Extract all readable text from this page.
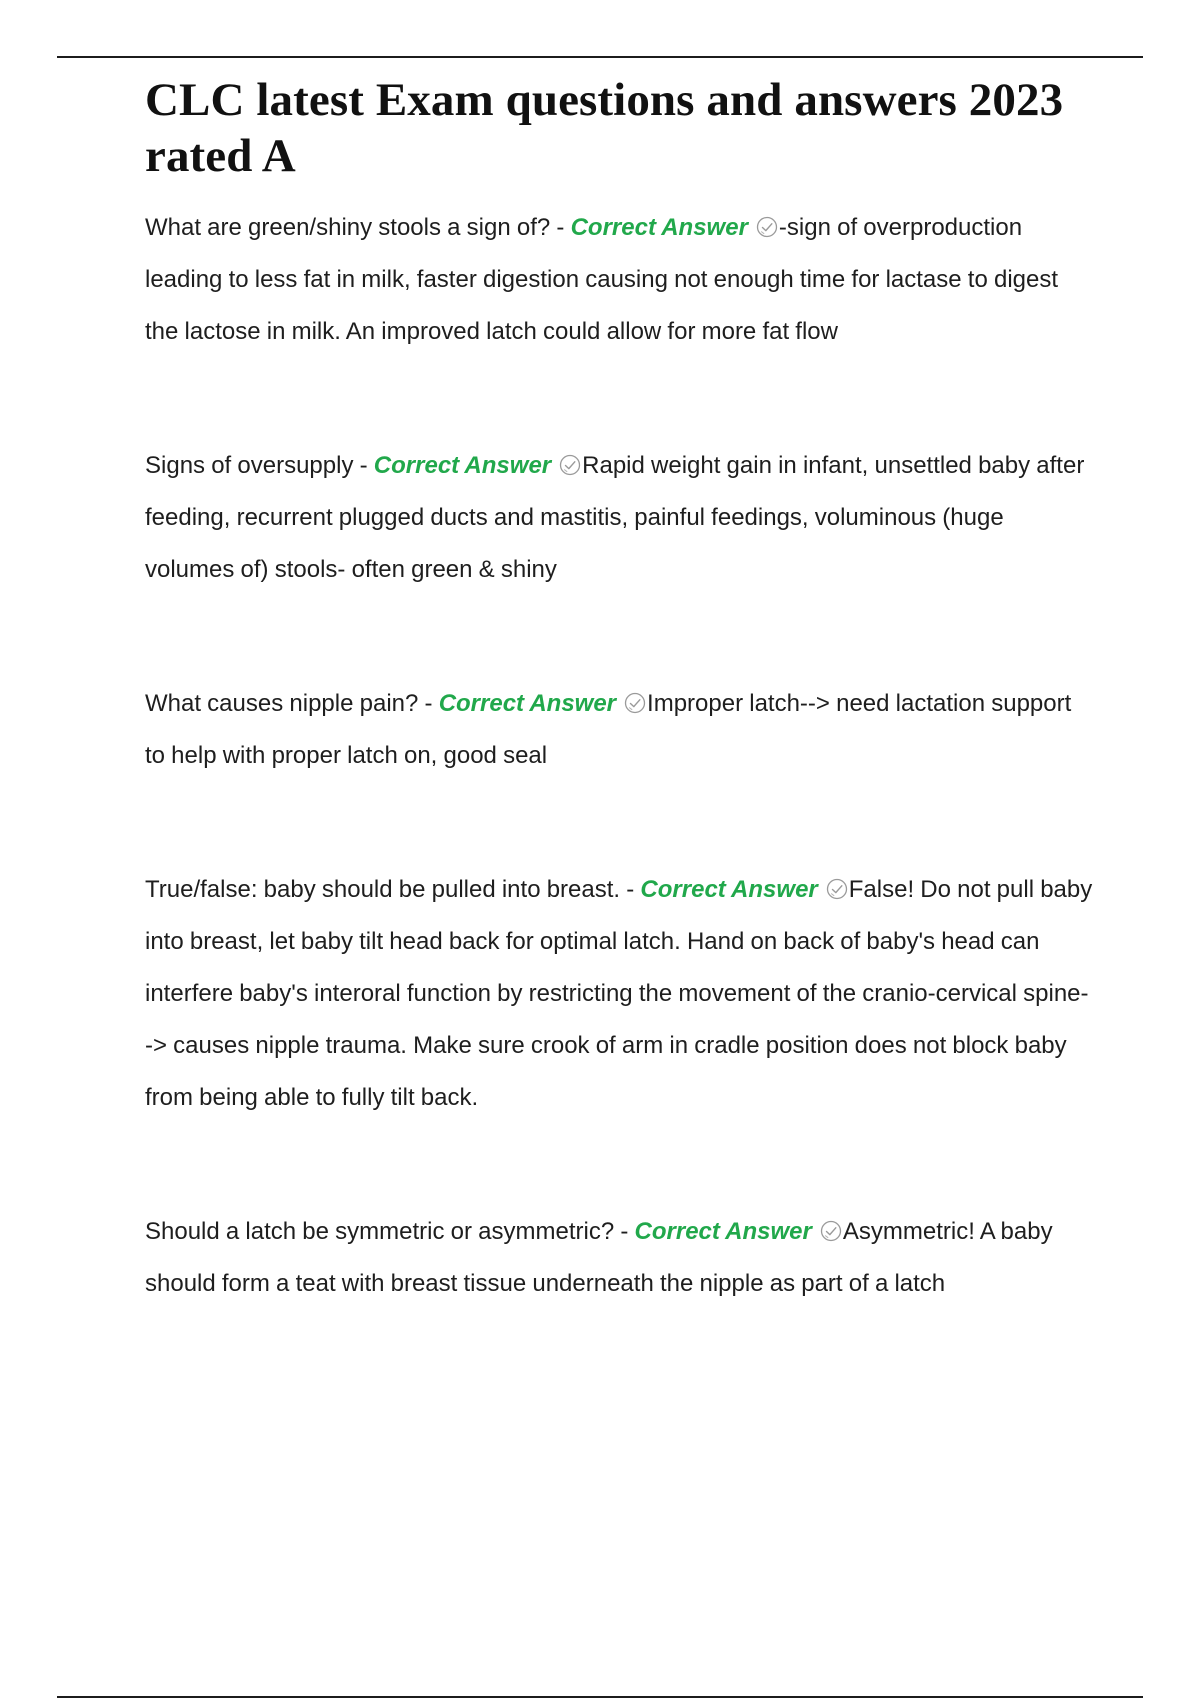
CLC latest Exam questions and answers 2023 rated A

What are green/shiny stools a sign of? - Correct Answer -sign of overproduction leading to less fat in milk, faster digestion causing not enough time for lactase to digest the lactose in milk. An improved latch could allow for more fat flow

Signs of oversupply - Correct Answer Rapid weight gain in infant, unsettled baby after feeding, recurrent plugged ducts and mastitis, painful feedings, voluminous (huge volumes of) stools- often green & shiny

What causes nipple pain? - Correct Answer Improper latch--> need lactation support to help with proper latch on, good seal

True/false: baby should be pulled into breast. - Correct Answer False! Do not pull baby into breast, let baby tilt head back for optimal latch. Hand on back of baby's head can interfere baby's interoral function by restricting the movement of the cranio-cervical spine--> causes nipple trauma. Make sure crook of arm in cradle position does not block baby from being able to fully tilt back.

Should a latch be symmetric or asymmetric? - Correct Answer Asymmetric! A baby should form a teat with breast tissue underneath the nipple as part of a latch
